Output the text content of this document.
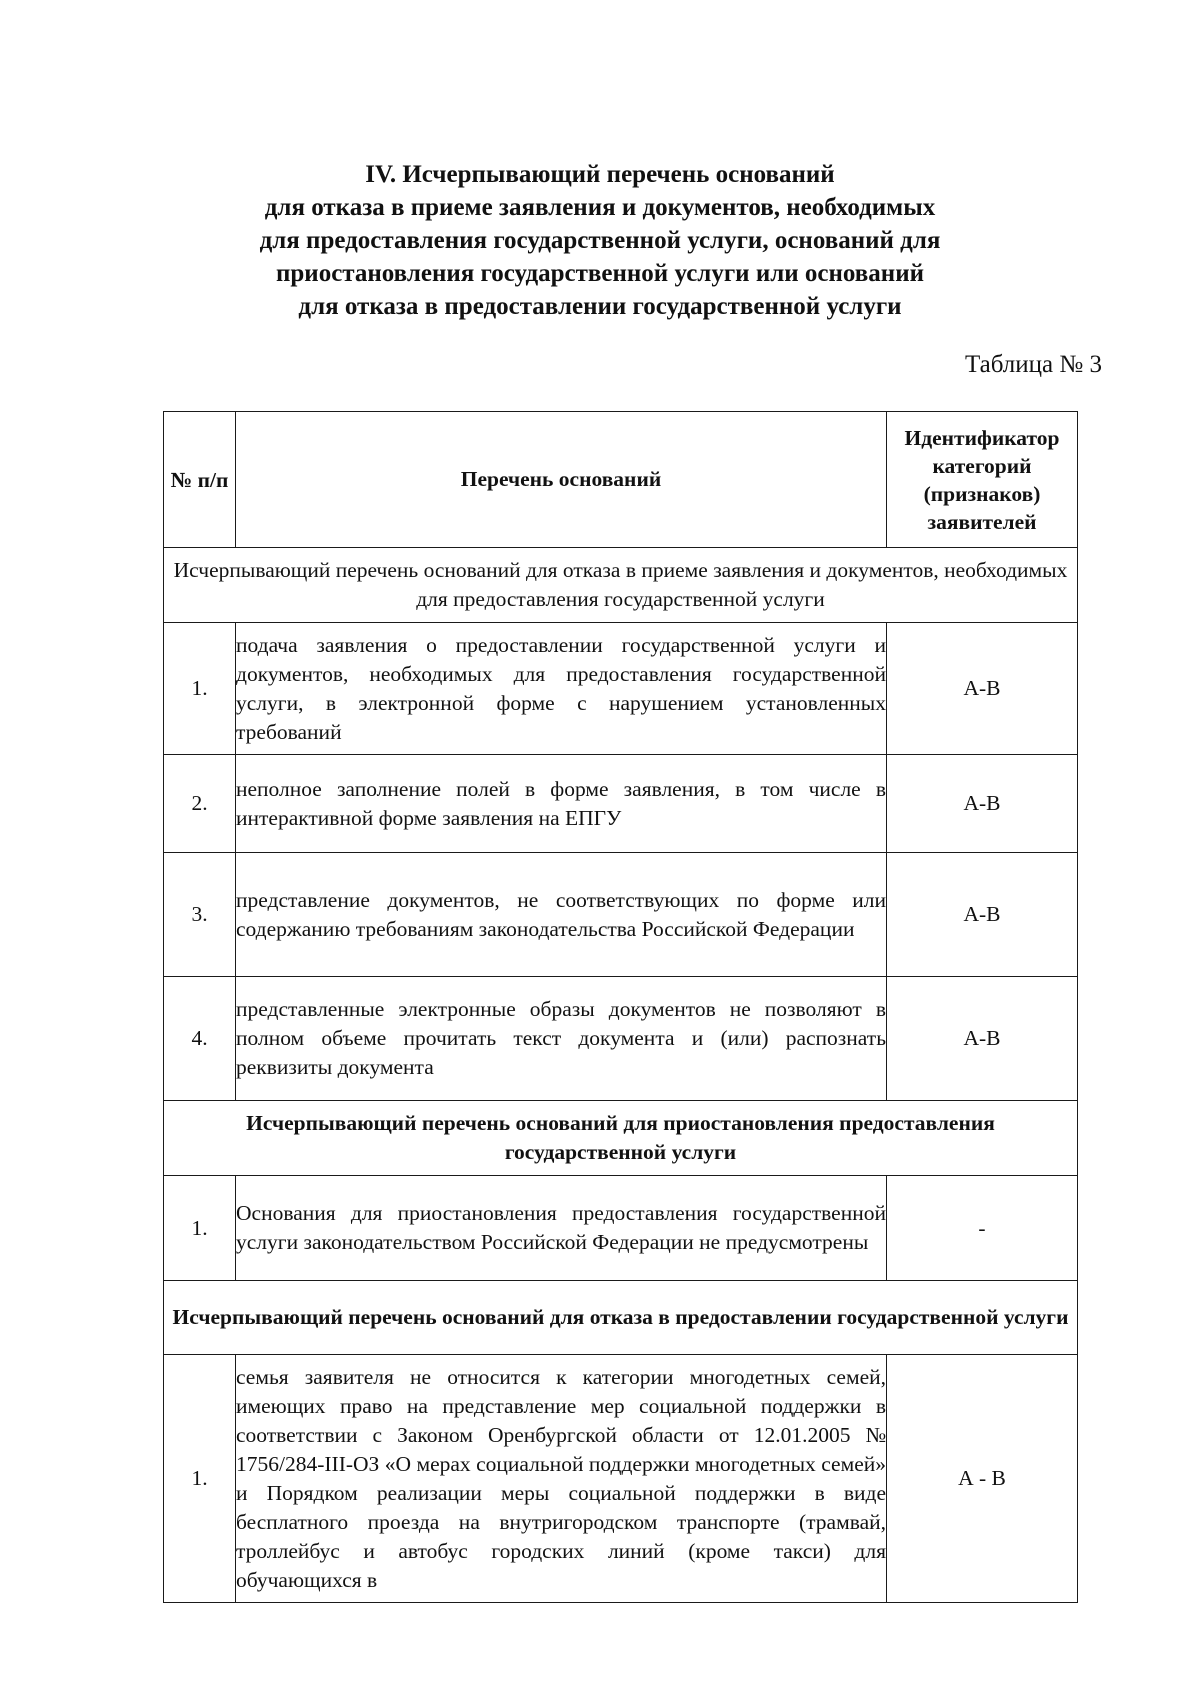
IV. Исчерпывающий перечень оснований
для отказа в приеме заявления и документов, необходимых
для предоставления государственной услуги, оснований для
приостановления государственной услуги или оснований
для отказа в предоставлении государственной услуги
Таблица № 3
№ п/п	Перечень оснований	Идентификатор категорий (признаков) заявителей
Исчерпывающий перечень оснований для отказа в приеме заявления и документов, необходимых для предоставления государственной услуги		
1.	подача заявления о предоставлении государственной услуги и документов, необходимых для предоставления государственной услуги, в электронной форме с нарушением установленных требований	А-В
2.	неполное заполнение полей в форме заявления, в том числе в интерактивной форме заявления на ЕПГУ	А-В
3.	представление документов, не соответствующих по форме или содержанию требованиям законодательства Российской Федерации	А-В
4.	представленные электронные образы документов не позволяют в полном объеме прочитать текст документа и (или) распознать реквизиты документа	А-В
Исчерпывающий перечень оснований для приостановления предоставления государственной услуги		
1.	Основания для приостановления предоставления государственной услуги законодательством Российской Федерации не предусмотрены	-
Исчерпывающий перечень оснований для отказа в предоставлении государственной услуги		
1.	семья заявителя не относится к категории многодетных семей, имеющих право на представление мер социальной поддержки в соответствии с Законом Оренбургской области от 12.01.2005 № 1756/284-III-ОЗ «О мерах социальной поддержки многодетных семей» и Порядком реализации меры социальной поддержки в виде бесплатного проезда на внутригородском транспорте (трамвай, троллейбус и автобус городских линий (кроме такси) для обучающихся в	А - В
